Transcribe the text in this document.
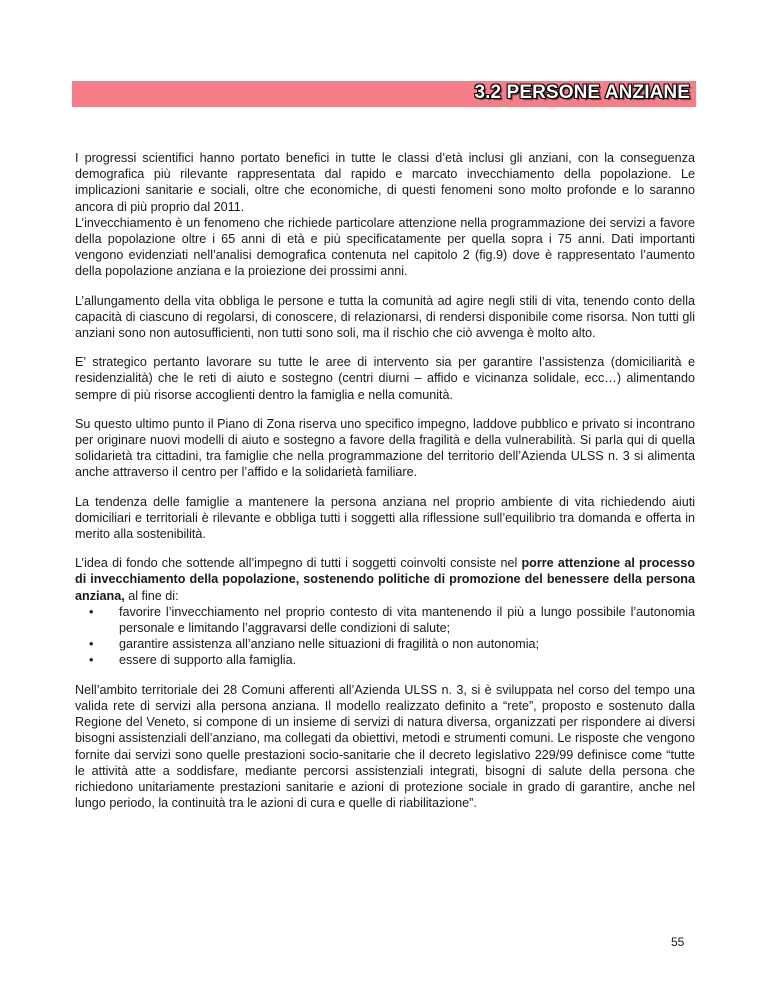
3.2 PERSONE ANZIANE

I progressi scientifici hanno portato benefici in tutte le classi d’età inclusi gli anziani, con la conseguenza demografica più rilevante rappresentata dal rapido e marcato invecchiamento della popolazione. Le implicazioni sanitarie e sociali, oltre che economiche, di questi fenomeni sono molto profonde e lo saranno ancora di più proprio dal 2011.

L’invecchiamento è un fenomeno che richiede particolare attenzione nella programmazione dei servizi a favore della popolazione oltre i 65 anni di età e più specificatamente per quella sopra i 75 anni. Dati importanti vengono evidenziati nell’analisi demografica contenuta nel capitolo 2 (fig.9) dove è rappresentato l’aumento della popolazione anziana e la proiezione dei prossimi anni.

L’allungamento della vita obbliga le persone e tutta la comunità ad agire negli stili di vita, tenendo conto della capacità di ciascuno di regolarsi, di conoscere, di relazionarsi, di rendersi disponibile come risorsa. Non tutti gli anziani sono non autosufficienti, non tutti sono soli, ma il rischio che ciò avvenga è molto alto.

E’ strategico pertanto lavorare su tutte le aree di intervento sia per garantire l’assistenza (domiciliarità e residenzialità) che le reti di aiuto e sostegno (centri diurni – affido e vicinanza solidale, ecc…) alimentando sempre di più risorse accoglienti dentro la famiglia e nella comunità.

Su questo ultimo punto il Piano di Zona riserva uno specifico impegno, laddove pubblico e privato si incontrano per originare nuovi modelli di aiuto e sostegno a favore della fragilità e della vulnerabilità. Si parla qui di quella solidarietà tra cittadini, tra famiglie che nella programmazione del territorio dell’Azienda ULSS n. 3 si alimenta anche attraverso il centro per l’affido e la solidarietà familiare.

La tendenza delle famiglie a mantenere la persona anziana nel proprio ambiente di vita richiedendo aiuti domiciliari e territoriali è rilevante e obbliga tutti i soggetti alla riflessione sull’equilibrio tra domanda e offerta in merito alla sostenibilità.

L’idea di fondo che sottende all’impegno di tutti i soggetti coinvolti consiste nel porre attenzione al processo di invecchiamento della popolazione, sostenendo politiche di promozione del benessere della persona anziana, al fine di:

• favorire l’invecchiamento nel proprio contesto di vita mantenendo il più a lungo possibile l’autonomia personale e limitando l’aggravarsi delle condizioni di salute;
• garantire assistenza all’anziano nelle situazioni di fragilità o non autonomia;
• essere di supporto alla famiglia.

Nell’ambito territoriale dei 28 Comuni afferenti all’Azienda ULSS n. 3, si è sviluppata nel corso del tempo una valida rete di servizi alla persona anziana. Il modello realizzato definito a “rete”, proposto e sostenuto dalla Regione del Veneto, si compone di un insieme di servizi di natura diversa, organizzati per rispondere ai diversi bisogni assistenziali dell’anziano, ma collegati da obiettivi, metodi e strumenti comuni. Le risposte che vengono fornite dai servizi sono quelle prestazioni socio-sanitarie che il decreto legislativo 229/99 definisce come “tutte le attività atte a soddisfare, mediante percorsi assistenziali integrati, bisogni di salute della persona che richiedono unitariamente prestazioni sanitarie e azioni di protezione sociale in grado di garantire, anche nel lungo periodo, la continuità tra le azioni di cura e quelle di riabilitazione”.

55
